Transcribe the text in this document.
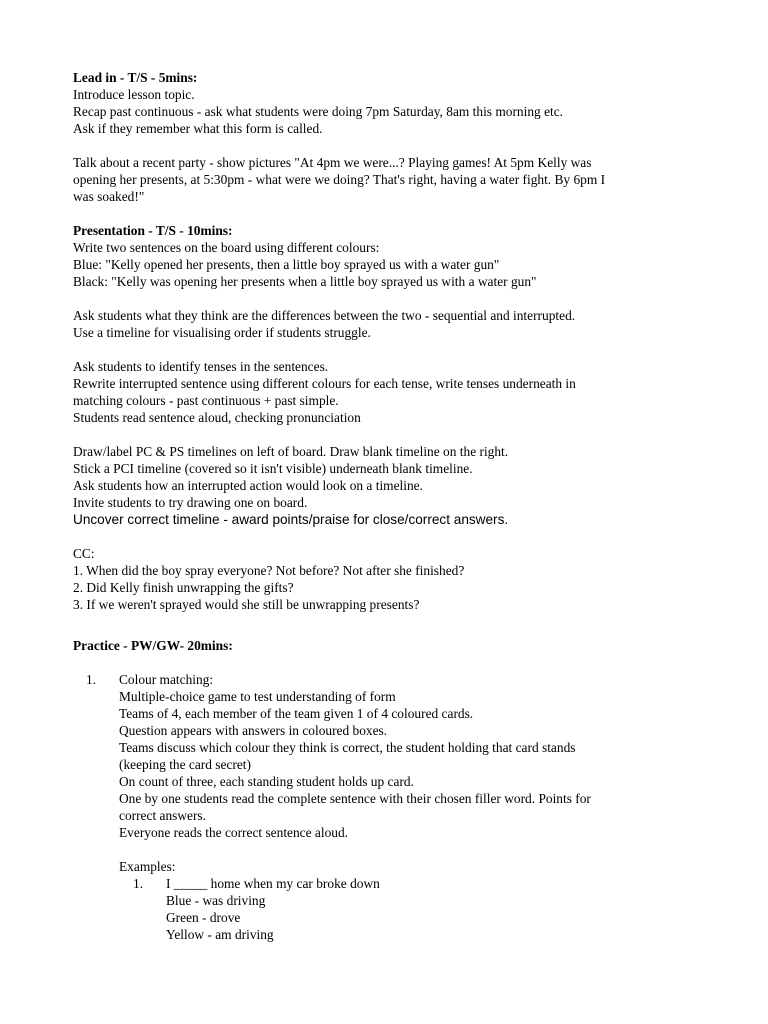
Lead in - T/S - 5mins:
Introduce lesson topic.
Recap past continuous - ask what students were doing 7pm Saturday, 8am this morning etc.
Ask if they remember what this form is called.
Talk about a recent party - show pictures "At 4pm we were...? Playing games! At 5pm Kelly was
opening her presents, at 5:30pm - what were we doing? That's right, having a water fight. By 6pm I
was soaked!"
Presentation - T/S - 10mins:
Write two sentences on the board using different colours:
Blue: "Kelly opened her presents, then a little boy sprayed us with a water gun"
Black: "Kelly was opening her presents when a little boy sprayed us with a water gun"
Ask students what they think are the differences between the two - sequential and interrupted.
Use a timeline for visualising order if students struggle.
Ask students to identify tenses in the sentences.
Rewrite interrupted sentence using different colours for each tense, write tenses underneath in
matching colours - past continuous + past simple.
Students read sentence aloud, checking pronunciation
Draw/label PC & PS timelines on left of board. Draw blank timeline on the right.
Stick a PCI timeline (covered so it isn't visible) underneath blank timeline.
Ask students how an interrupted action would look on a timeline.
Invite students to try drawing one on board.
Uncover correct timeline - award points/praise for close/correct answers.
CC:
1. When did the boy spray everyone? Not before? Not after she finished?
2. Did Kelly finish unwrapping the gifts?
3. If we weren't sprayed would she still be unwrapping presents?
Practice - PW/GW- 20mins:
1. Colour matching:
Multiple-choice game to test understanding of form
Teams of 4, each member of the team given 1 of 4 coloured cards.
Question appears with answers in coloured boxes.
Teams discuss which colour they think is correct, the student holding that card stands
(keeping the card secret)
On count of three, each standing student holds up card.
One by one students read the complete sentence with their chosen filler word. Points for
correct answers.
Everyone reads the correct sentence aloud.
Examples:
1. I _____ home when my car broke down
Blue - was driving
Green - drove
Yellow - am driving
